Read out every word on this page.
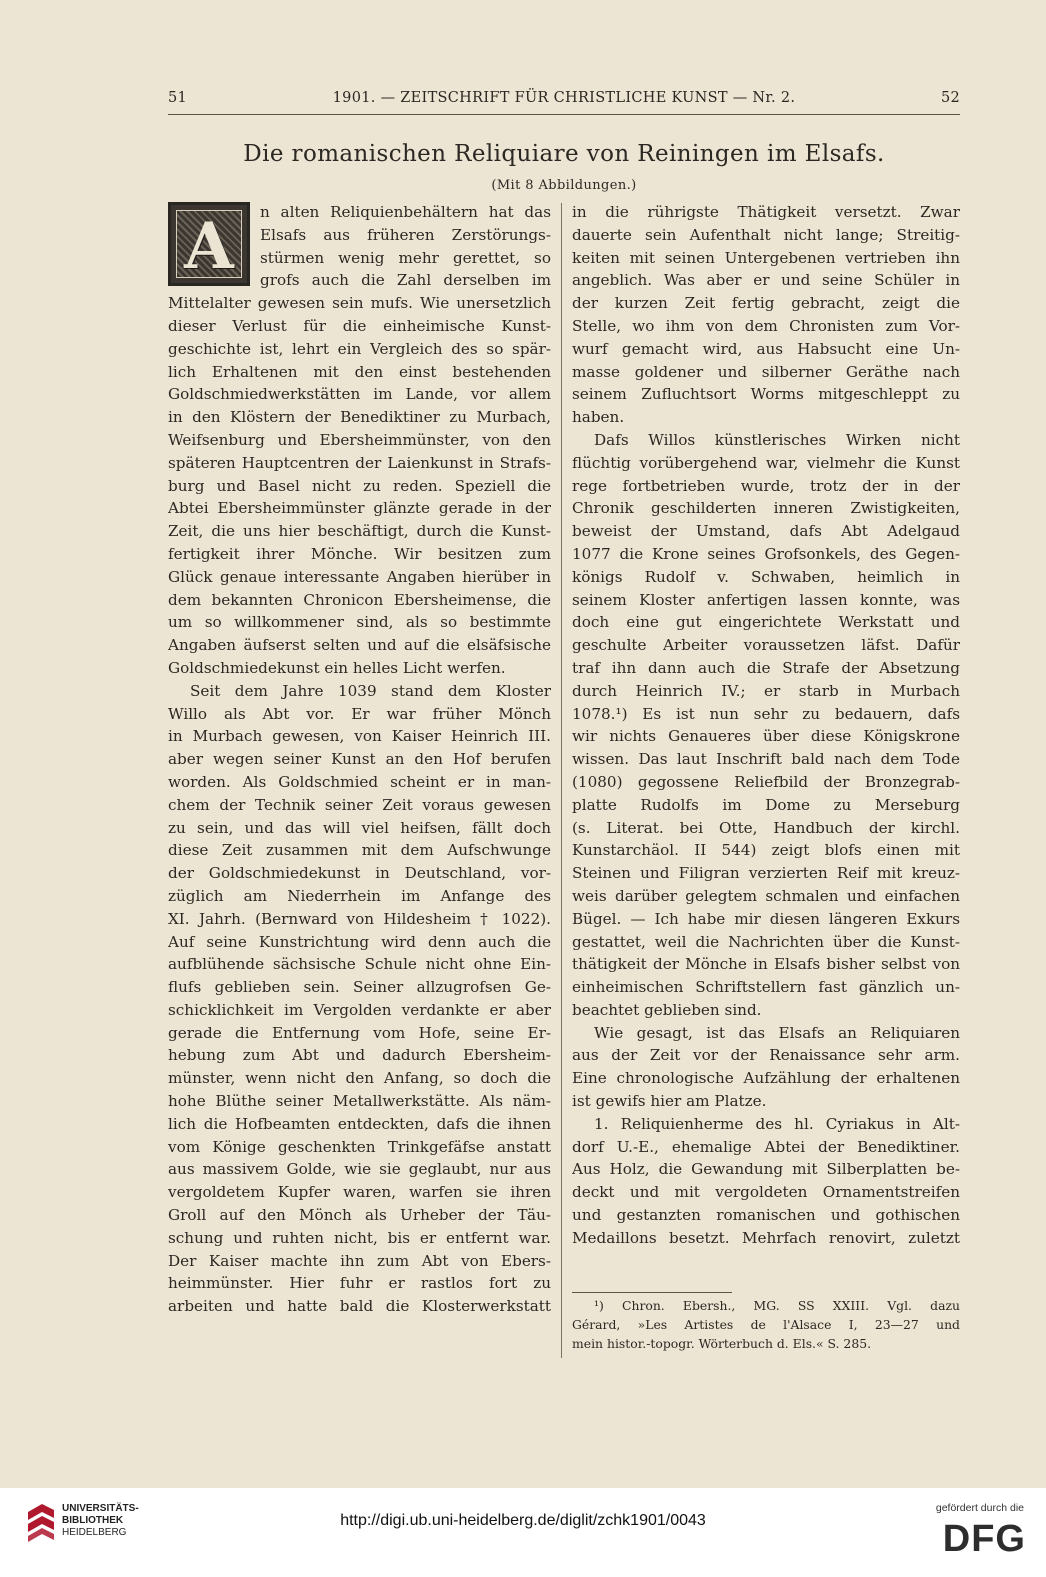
51	1901. — ZEITSCHRIFT FÜR CHRISTLICHE KUNST — Nr. 2.	52
Die romanischen Reliquiare von Reiningen im Elsafs.
(Mit 8 Abbildungen.)
A	n alten Reliquienbehältern hat das
Elsafs aus früheren Zerstörungs-
stürmen wenig mehr gerettet, so
grofs auch die Zahl derselben im
Mittelalter gewesen sein mufs. Wie unersetzlich
dieser Verlust für die einheimische Kunst-
geschichte ist, lehrt ein Vergleich des so spär-
lich Erhaltenen mit den einst bestehenden
Goldschmiedwerkstätten im Lande, vor allem
in den Klöstern der Benediktiner zu Murbach,
Weifsenburg und Ebersheimmünster, von den
späteren Hauptcentren der Laienkunst in Strafs-
burg und Basel nicht zu reden. Speziell die
Abtei Ebersheimmünster glänzte gerade in der
Zeit, die uns hier beschäftigt, durch die Kunst-
fertigkeit ihrer Mönche. Wir besitzen zum
Glück genaue interessante Angaben hierüber in
dem bekannten Chronicon Ebersheimense, die
um so willkommener sind, als so bestimmte
Angaben äufserst selten und auf die elsäfsische
Goldschmiedekunst ein helles Licht werfen.
Seit dem Jahre 1039 stand dem Kloster
Willo als Abt vor. Er war früher Mönch
in Murbach gewesen, von Kaiser Heinrich III.
aber wegen seiner Kunst an den Hof berufen
worden. Als Goldschmied scheint er in man-
chem der Technik seiner Zeit voraus gewesen
zu sein, und das will viel heifsen, fällt doch
diese Zeit zusammen mit dem Aufschwunge
der Goldschmiedekunst in Deutschland, vor-
züglich am Niederrhein im Anfange des
XI. Jahrh. (Bernward von Hildesheim † 1022).
Auf seine Kunstrichtung wird denn auch die
aufblühende sächsische Schule nicht ohne Ein-
flufs geblieben sein. Seiner allzugrofsen Ge-
schicklichkeit im Vergolden verdankte er aber
gerade die Entfernung vom Hofe, seine Er-
hebung zum Abt und dadurch Ebersheim-
münster, wenn nicht den Anfang, so doch die
hohe Blüthe seiner Metallwerkstätte. Als näm-
lich die Hofbeamten entdeckten, dafs die ihnen
vom Könige geschenkten Trinkgefäfse anstatt
aus massivem Golde, wie sie geglaubt, nur aus
vergoldetem Kupfer waren, warfen sie ihren
Groll auf den Mönch als Urheber der Täu-
schung und ruhten nicht, bis er entfernt war.
Der Kaiser machte ihn zum Abt von Ebers-
heimmünster. Hier fuhr er rastlos fort zu
arbeiten und hatte bald die Klosterwerkstatt
in die rührigste Thätigkeit versetzt. Zwar
dauerte sein Aufenthalt nicht lange; Streitig-
keiten mit seinen Untergebenen vertrieben ihn
angeblich. Was aber er und seine Schüler in
der kurzen Zeit fertig gebracht, zeigt die
Stelle, wo ihm von dem Chronisten zum Vor-
wurf gemacht wird, aus Habsucht eine Un-
masse goldener und silberner Geräthe nach
seinem Zufluchtsort Worms mitgeschleppt zu
haben.
Dafs Willos künstlerisches Wirken nicht
flüchtig vorübergehend war, vielmehr die Kunst
rege fortbetrieben wurde, trotz der in der
Chronik geschilderten inneren Zwistigkeiten,
beweist der Umstand, dafs Abt Adelgaud
1077 die Krone seines Grofsonkels, des Gegen-
königs Rudolf v. Schwaben, heimlich in
seinem Kloster anfertigen lassen konnte, was
doch eine gut eingerichtete Werkstatt und
geschulte Arbeiter voraussetzen läfst. Dafür
traf ihn dann auch die Strafe der Absetzung
durch Heinrich IV.; er starb in Murbach
1078.¹) Es ist nun sehr zu bedauern, dafs
wir nichts Genaueres über diese Königskrone
wissen. Das laut Inschrift bald nach dem Tode
(1080) gegossene Reliefbild der Bronzegrab-
platte Rudolfs im Dome zu Merseburg
(s. Literat. bei Otte, Handbuch der kirchl.
Kunstarchäol. II 544) zeigt blofs einen mit
Steinen und Filigran verzierten Reif mit kreuz-
weis darüber gelegtem schmalen und einfachen
Bügel. — Ich habe mir diesen längeren Exkurs
gestattet, weil die Nachrichten über die Kunst-
thätigkeit der Mönche in Elsafs bisher selbst von
einheimischen Schriftstellern fast gänzlich un-
beachtet geblieben sind.
Wie gesagt, ist das Elsafs an Reliquiaren
aus der Zeit vor der Renaissance sehr arm.
Eine chronologische Aufzählung der erhaltenen
ist gewifs hier am Platze.
1. Reliquienherme des hl. Cyriakus in Alt-
dorf U.-E., ehemalige Abtei der Benediktiner.
Aus Holz, die Gewandung mit Silberplatten be-
deckt und mit vergoldeten Ornamentstreifen
und gestanzten romanischen und gothischen
Medaillons besetzt. Mehrfach renovirt, zuletzt
¹) Chron. Ebersh., MG. SS XXIII. Vgl. dazu
Gérard, »Les Artistes de l'Alsace I, 23—27 und
mein histor.-topogr. Wörterbuch d. Els.« S. 285.
UNIVERSITÄTS-
BIBLIOTHEK
HEIDELBERG
http://digi.ub.uni-heidelberg.de/diglit/zchk1901/0043
gefördert durch die
DFG
